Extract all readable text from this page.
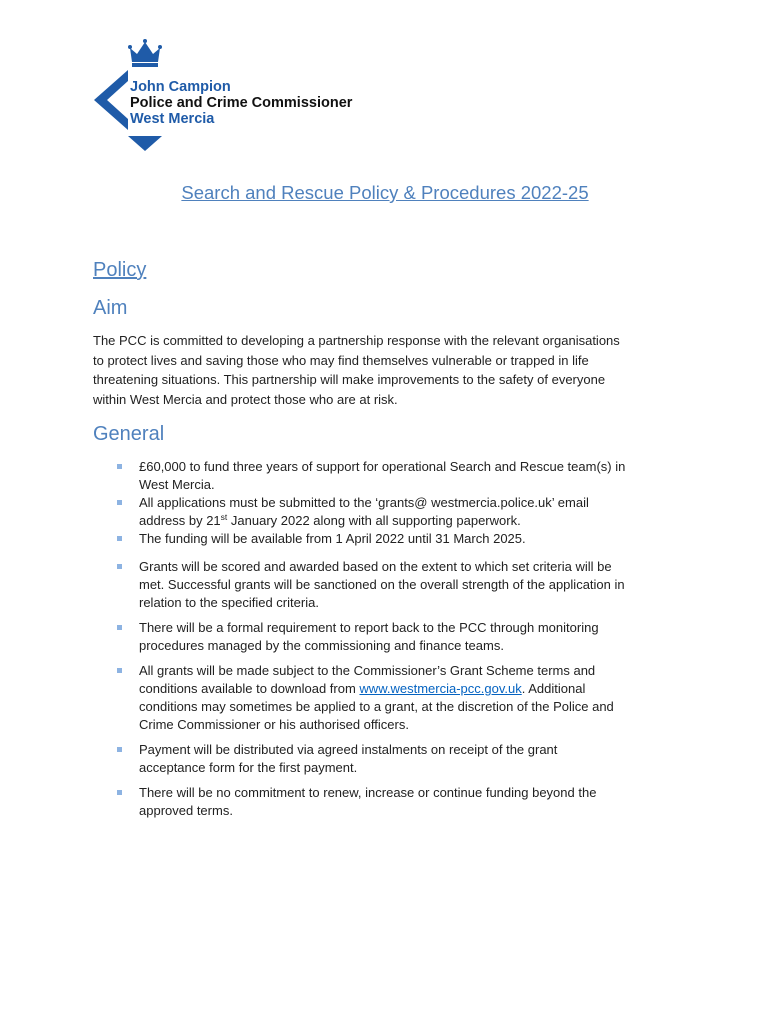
John Campion
Police and Crime Commissioner
West Mercia
Search and Rescue Policy & Procedures 2022-25
Policy
Aim
The PCC is committed to developing a partnership response with the relevant organisations
to protect lives and saving those who may find themselves vulnerable or trapped in life
threatening situations. This partnership will make improvements to the safety of everyone
within West Mercia and protect those who are at risk.
General
£60,000 to fund three years of support for operational Search and Rescue team(s) in
West Mercia.
All applications must be submitted to the ‘grants@ westmercia.police.uk’ email
address by 21st January 2022 along with all supporting paperwork.
The funding will be available from 1 April 2022 until 31 March 2025.
Grants will be scored and awarded based on the extent to which set criteria will be
met. Successful grants will be sanctioned on the overall strength of the application in
relation to the specified criteria.
There will be a formal requirement to report back to the PCC through monitoring
procedures managed by the commissioning and finance teams.
All grants will be made subject to the Commissioner’s Grant Scheme terms and
conditions available to download from www.westmercia-pcc.gov.uk. Additional
conditions may sometimes be applied to a grant, at the discretion of the Police and
Crime Commissioner or his authorised officers.
Payment will be distributed via agreed instalments on receipt of the grant
acceptance form for the first payment.
There will be no commitment to renew, increase or continue funding beyond the
approved terms.
